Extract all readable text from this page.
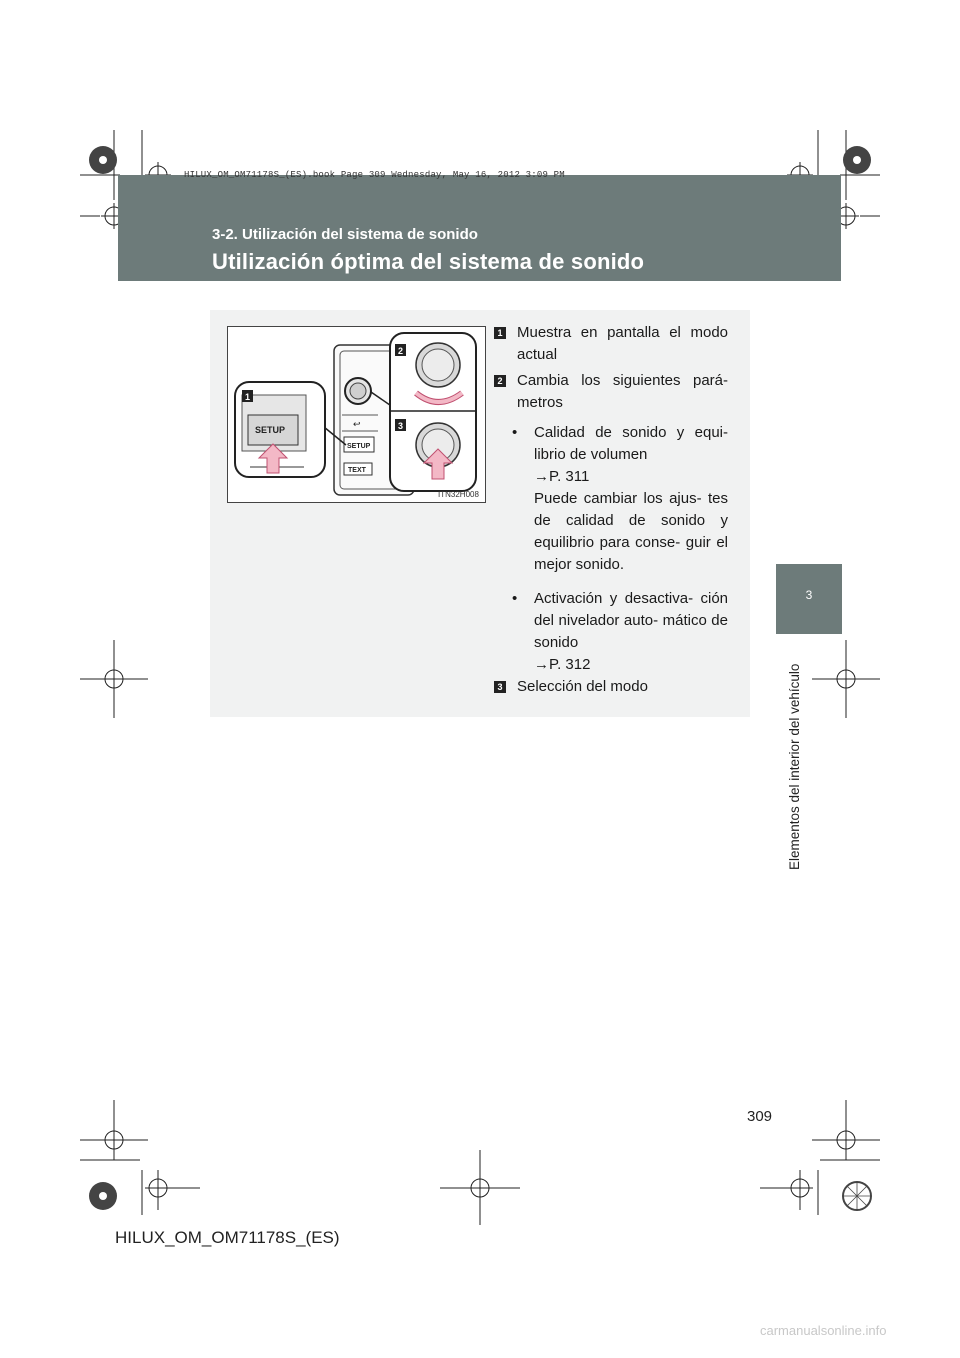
HILUX_OM_OM71178S_(ES).book Page 309 Wednesday, May 16, 2012 3:09 PM
3-2. Utilización del sistema de sonido
Utilización óptima del sistema de sonido
3
Elementos del interior del vehículo
↩
SETUP
TEXT
SETUP
1
2
3
ITN32H008
1 Muestra en pantalla el modo actual
2 Cambia los siguientes pará- metros
• Calidad de sonido y equi- librio de volumen

→P. 311

Puede cambiar los ajus- tes de calidad de sonido y equilibrio para conse- guir el mejor sonido.

• Activación y desactiva- ción del nivelador auto- mático de sonido

→P. 312

3 Selección del modo
309
HILUX_OM_OM71178S_(ES)
carmanualsonline.info
